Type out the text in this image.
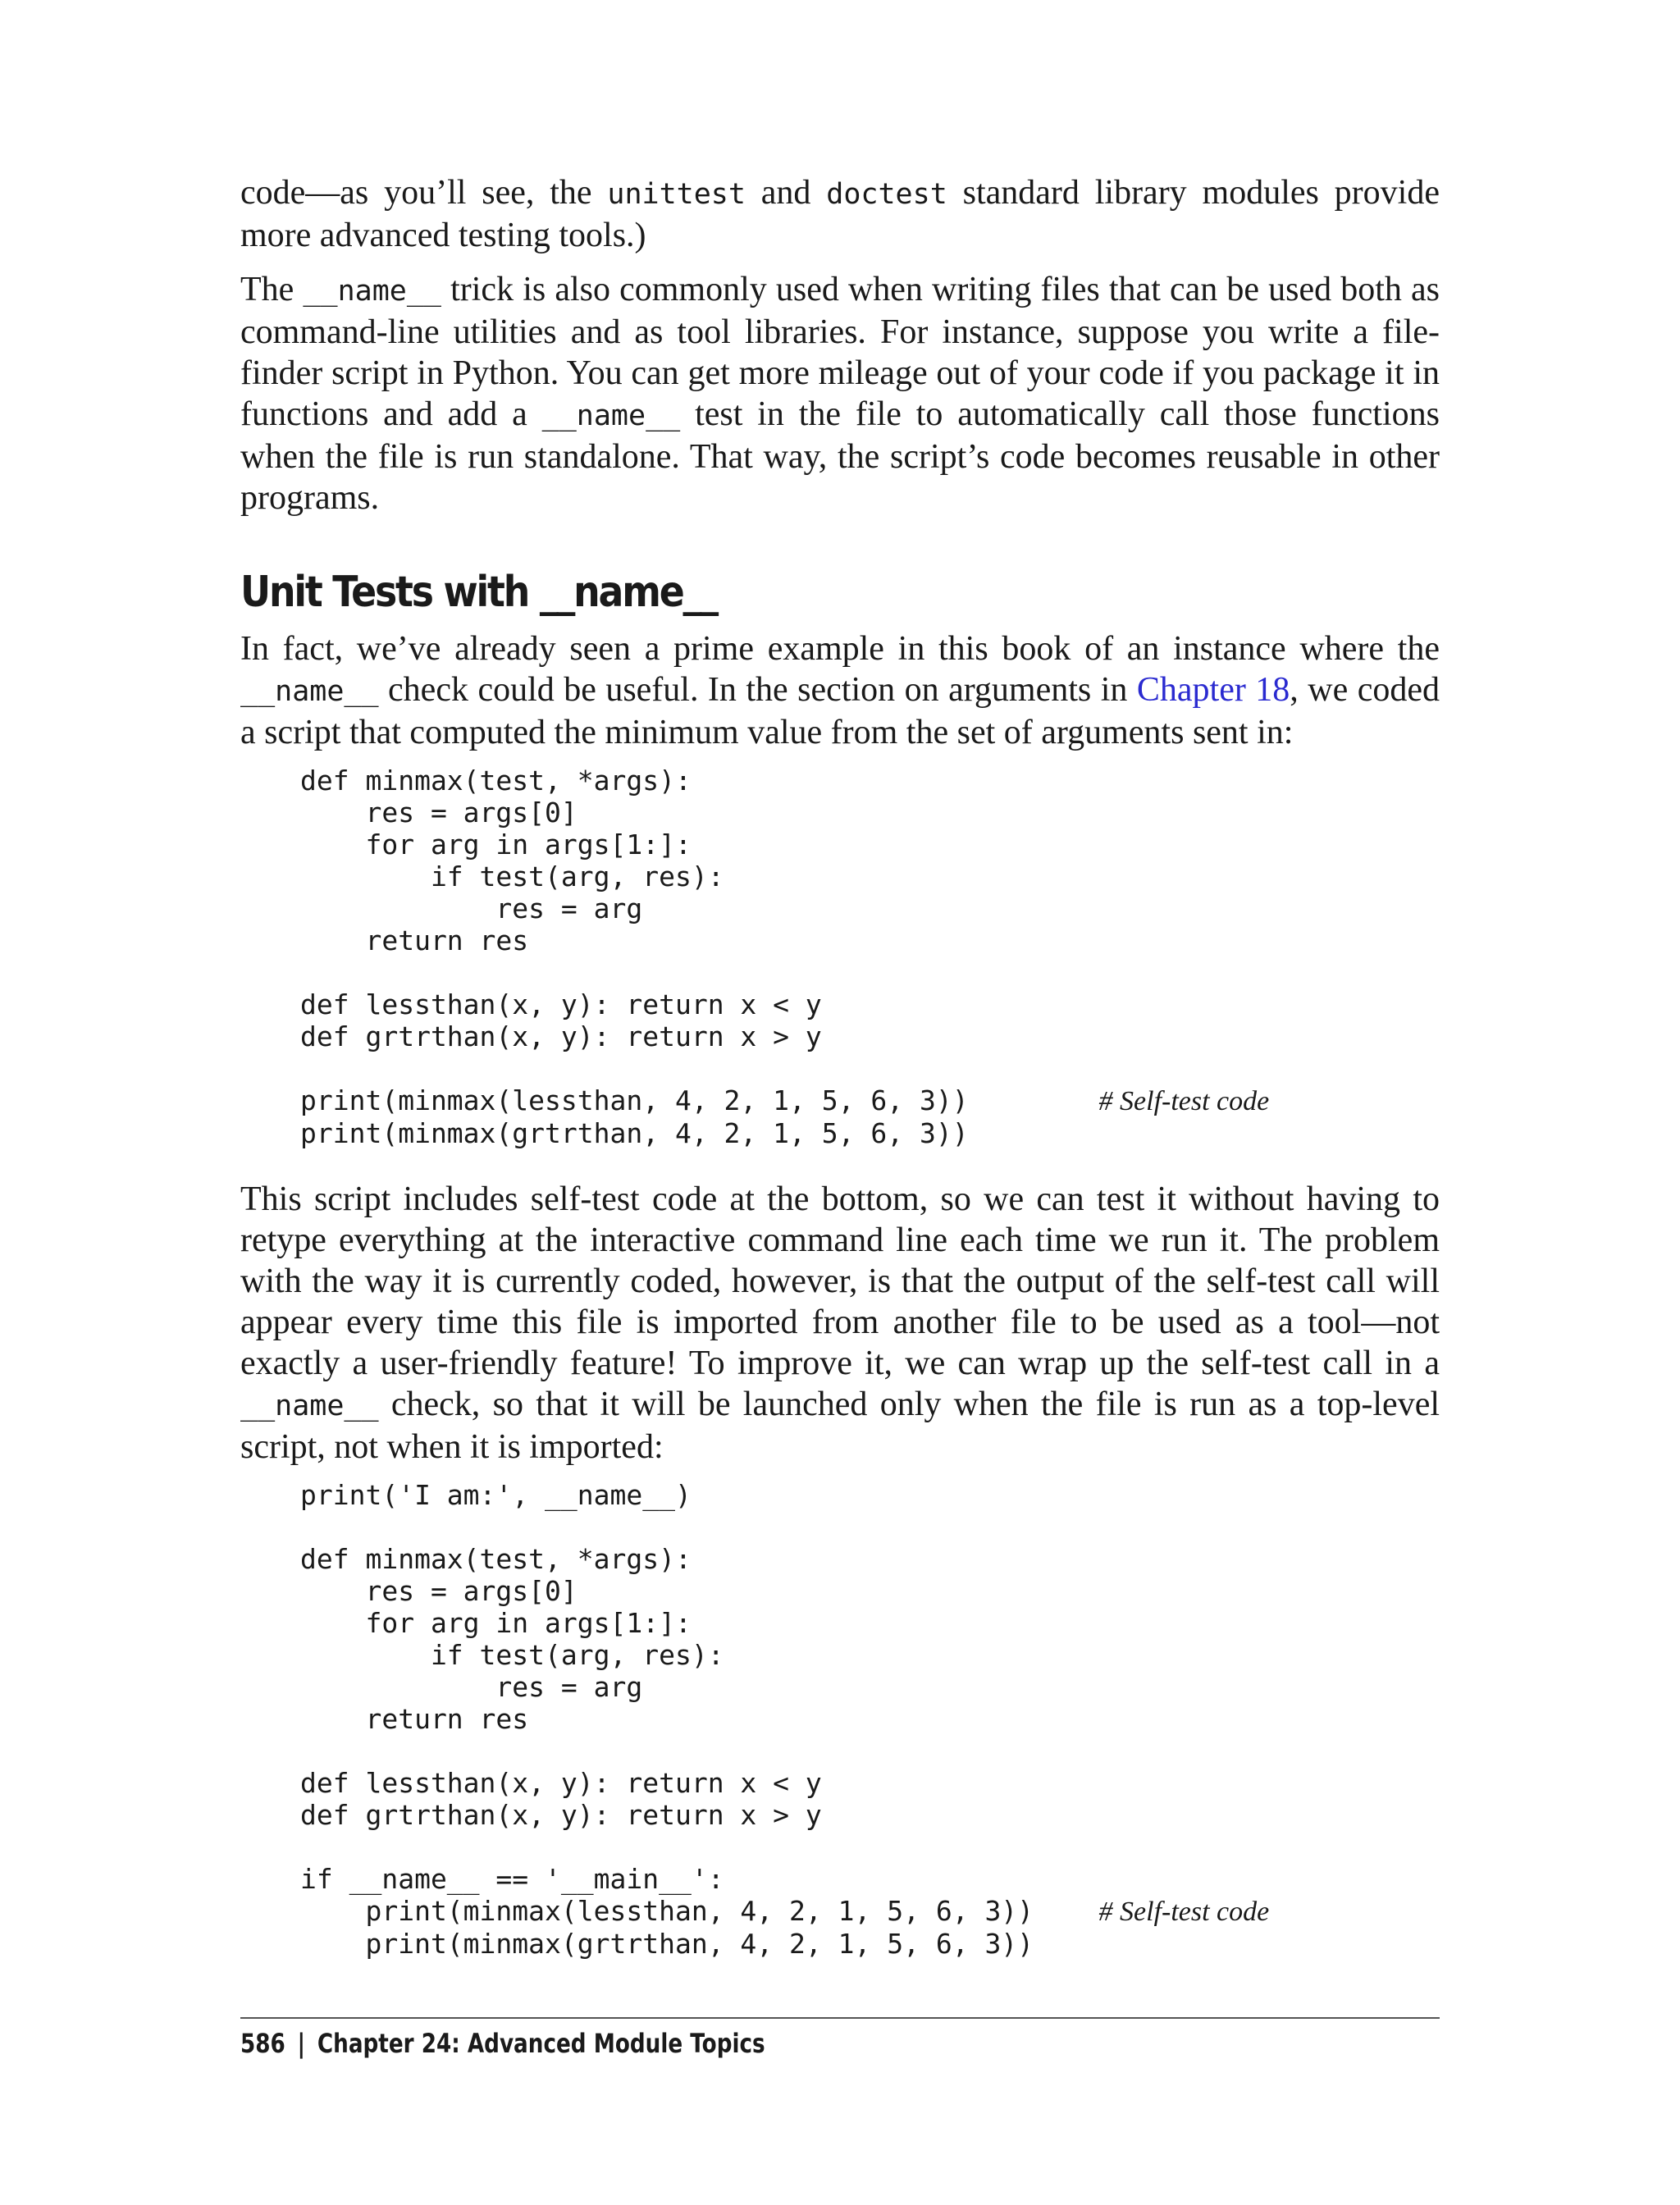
code—as you’ll see, the unittest and doctest standard library modules provide more advanced testing tools.)

The __name__ trick is also commonly used when writing files that can be used both as command-line utilities and as tool libraries. For instance, suppose you write a file-finder script in Python. You can get more mileage out of your code if you package it in functions and add a __name__ test in the file to automatically call those functions when the file is run standalone. That way, the script’s code becomes reusable in other programs.

Unit Tests with __name__

In fact, we’ve already seen a prime example in this book of an instance where the __name__ check could be useful. In the section on arguments in Chapter 18, we coded a script that computed the minimum value from the set of arguments sent in:

def minmax(test, *args):
res = args[0]
for arg in args[1:]:
if test(arg, res):
res = arg
return res

def lessthan(x, y): return x < y
def grtrthan(x, y): return x > y

print(minmax(lessthan, 4, 2, 1, 5, 6, 3))        # Self-test code
print(minmax(grtrthan, 4, 2, 1, 5, 6, 3))

This script includes self-test code at the bottom, so we can test it without having to retype everything at the interactive command line each time we run it. The problem with the way it is currently coded, however, is that the output of the self-test call will appear every time this file is imported from another file to be used as a tool—not exactly a user-friendly feature! To improve it, we can wrap up the self-test call in a __name__ check, so that it will be launched only when the file is run as a top-level script, not when it is imported:

print('I am:', __name__)

def minmax(test, *args):
res = args[0]
for arg in args[1:]:
if test(arg, res):
res = arg
return res

def lessthan(x, y): return x < y
def grtrthan(x, y): return x > y

if __name__ == '__main__':
print(minmax(lessthan, 4, 2, 1, 5, 6, 3))    # Self-test code
print(minmax(grtrthan, 4, 2, 1, 5, 6, 3))
586 | Chapter 24: Advanced Module Topics
